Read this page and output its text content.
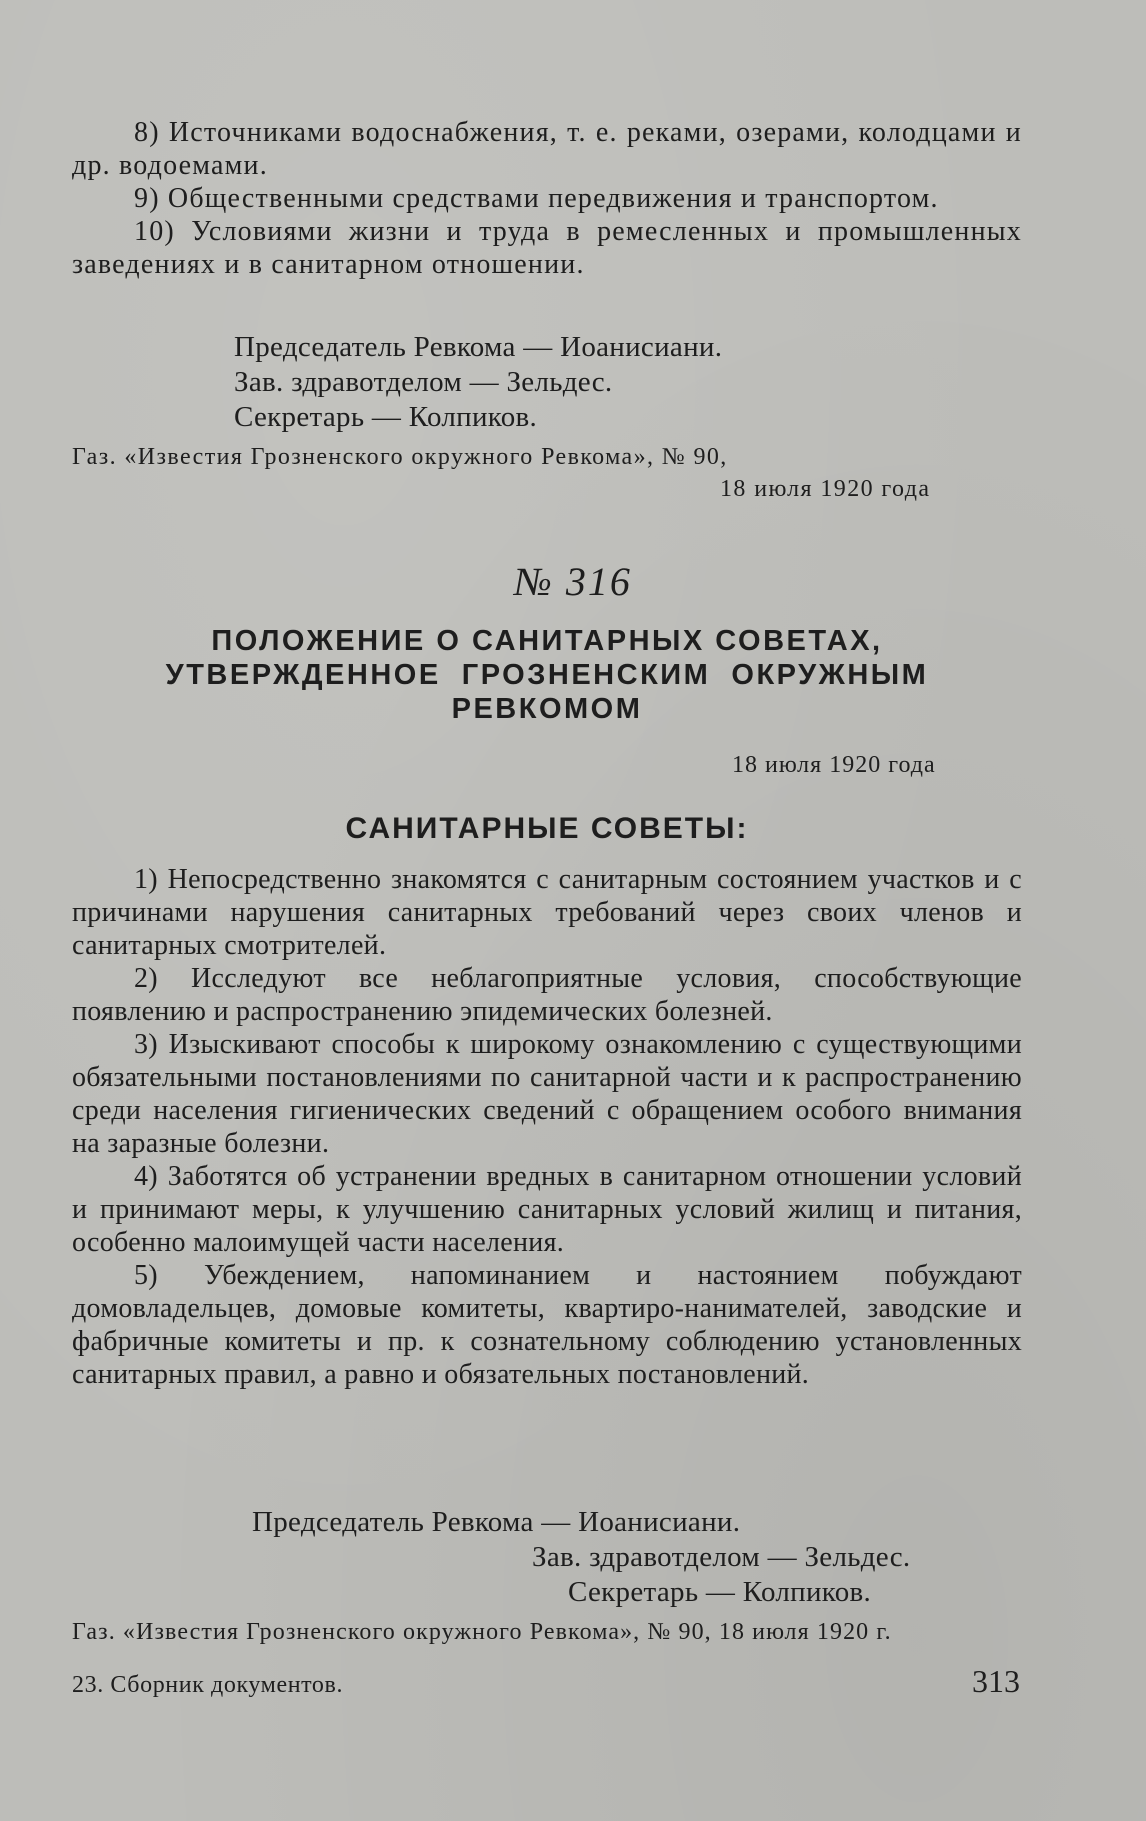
8) Источниками водоснабжения, т. е. реками, озерами, колодцами и др. водоемами.

9) Общественными средствами передвижения и транспортом.

10) Условиями жизни и труда в ремесленных и промышленных заведениях и в санитарном отношении.

Председатель Ревкома — Иоанисиани.
Зав. здравотделом — Зельдес.
Секретарь — Колпиков.
Газ. «Известия Грозненского окружного Ревкома», № 90,
18 июля 1920 года
№ 316
ПОЛОЖЕНИЕ О САНИТАРНЫХ СОВЕТАХ,
УТВЕРЖДЕННОЕ  ГРОЗНЕНСКИМ  ОКРУЖНЫМ
РЕВКОМОМ
18 июля 1920 года
САНИТАРНЫЕ СОВЕТЫ:

1) Непосредственно знакомятся с санитарным состоянием участков и с причинами нарушения санитарных требований через своих членов и санитарных смотрителей.

2) Исследуют все неблагоприятные условия, способствующие появлению и распространению эпидемических болезней.

3) Изыскивают способы к широкому ознакомлению с существующими обязательными постановлениями по санитарной части и к распространению среди населения гигиенических сведений с обращением особого внимания на заразные болезни.

4) Заботятся об устранении вредных в санитарном отношении условий и принимают меры, к улучшению санитарных условий жилищ и питания, особенно малоимущей части населения.

5) Убеждением, напоминанием и настоянием побуждают домовладельцев, домовые комитеты, квартиро-нанимателей, заводские и фабричные комитеты и пр. к сознательному соблюдению установленных санитарных правил, а равно и обязательных постановлений.

Председатель Ревкома — Иоанисиани.
Зав. здравотделом — Зельдес.
Секретарь — Колпиков.
Газ. «Известия Грозненского окружного Ревкома», № 90, 18 июля 1920 г.
23. Сборник документов.	313
